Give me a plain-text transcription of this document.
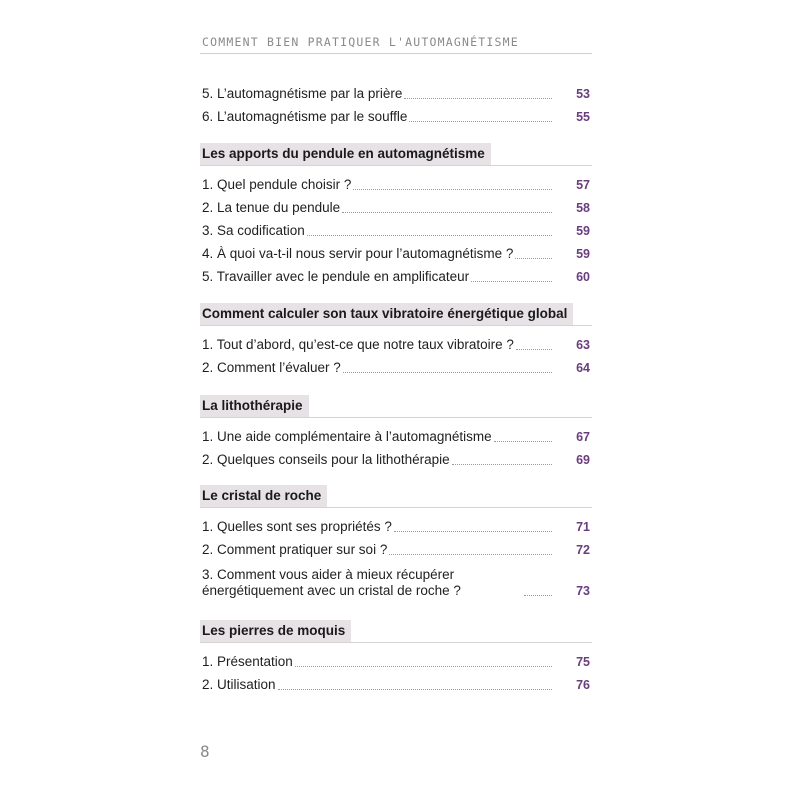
COMMENT BIEN PRATIQUER L'AUTOMAGNÉTISME
5. L’automagnétisme par la prière	53
6. L’automagnétisme par le souffle	55
Les apports du pendule en automagnétisme
1. Quel pendule choisir ?	57
2. La tenue du pendule	58
3. Sa codification	59
4. À quoi va-t-il nous servir pour l’automagnétisme ?	59
5. Travailler avec le pendule en amplificateur	60
Comment calculer son taux vibratoire énergétique global
1. Tout d’abord, qu’est-ce que notre taux vibratoire ?	63
2. Comment l’évaluer ?	64
La lithothérapie
1. Une aide complémentaire à l’automagnétisme	67
2. Quelques conseils pour la lithothérapie	69
Le cristal de roche
1. Quelles sont ses propriétés ?	71
2. Comment pratiquer sur soi ?	72
3. Comment vous aider à mieux récupérer énergétiquement avec un cristal de roche ?	73
Les pierres de moquis
1. Présentation	75
2. Utilisation	76
8
